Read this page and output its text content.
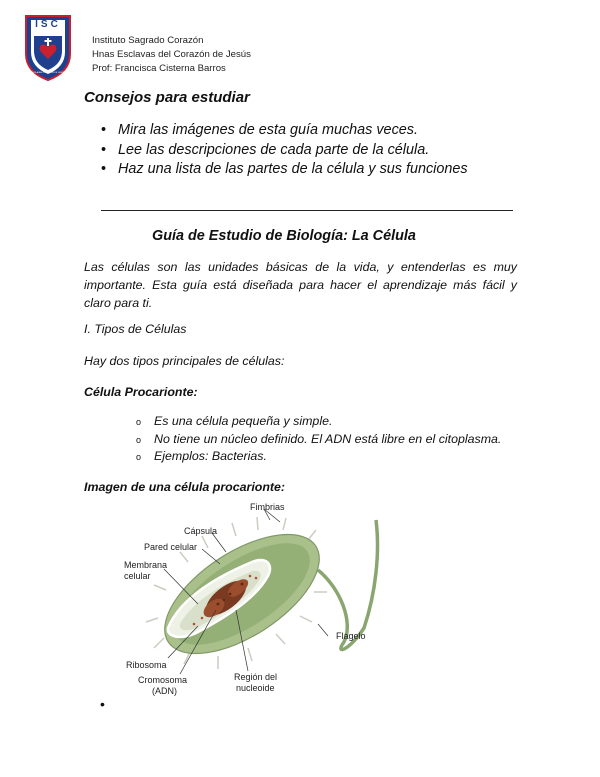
ISC
ESCLAVAS CORAZÓN DE JESÚS
Instituto Sagrado Corazón
Hnas Esclavas del Corazón de Jesús
Prof: Francisca Cisterna Barros
Consejos para estudiar
• Mira las imágenes de esta guía muchas veces.
• Lee las descripciones de cada parte de la célula.
• Haz una lista de las partes de la célula y sus funciones
Guía de Estudio de Biología: La Célula
Las células son las unidades básicas de la vida, y entenderlas es muy importante. Esta guía está diseñada para hacer el aprendizaje más fácil y claro para ti.
I. Tipos de Células
Hay dos tipos principales de células:
Célula Procarionte:
o Es una célula pequeña y simple.
o No tiene un núcleo definido. El ADN está libre en el citoplasma.
o Ejemplos: Bacterias.
Imagen de una célula procarionte:
Fimbrias
Cápsula
Pared celular
Membrana
celular
Flagelo
Ribosoma
Cromosoma
(ADN)
Región del
nucleoide
•
